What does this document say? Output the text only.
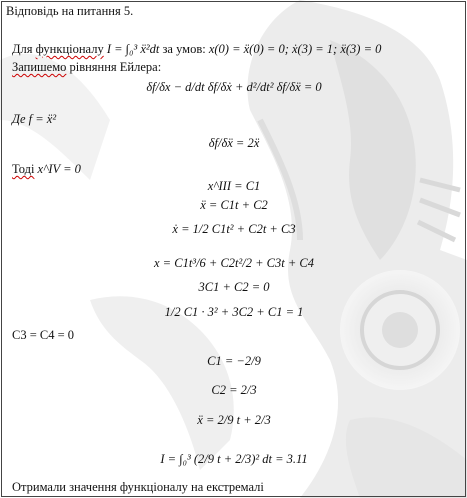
Відповідь на питання 5.
Для функціоналу I = ∫₀³ ẍ²dt за умов: x(0) = ẍ(0) = 0; ẋ(3) = 1; ẍ(3) = 0
Запишемо рівняння Ейлера:
δf/δx − d/dt δf/δẋ + d²/dt² δf/δẍ = 0
Де f = ẍ²
δf/δẍ = 2ẍ
Тоді x^IV = 0
x^III = C1
ẍ = C1t + C2
ẋ = 1/2 C1t² + C2t + C3
x = C1t³/6 + C2t²/2 + C3t + C4
3C1 + C2 = 0
1/2 C1 · 3² + 3C2 + C1 = 1
C3 = C4 = 0
C1 = −2/9
C2 = 2/3
ẍ = 2/9 t + 2/3
I = ∫₀³ (2/9 t + 2/3)² dt = 3.11
Отримали значення функціоналу на екстремалі
